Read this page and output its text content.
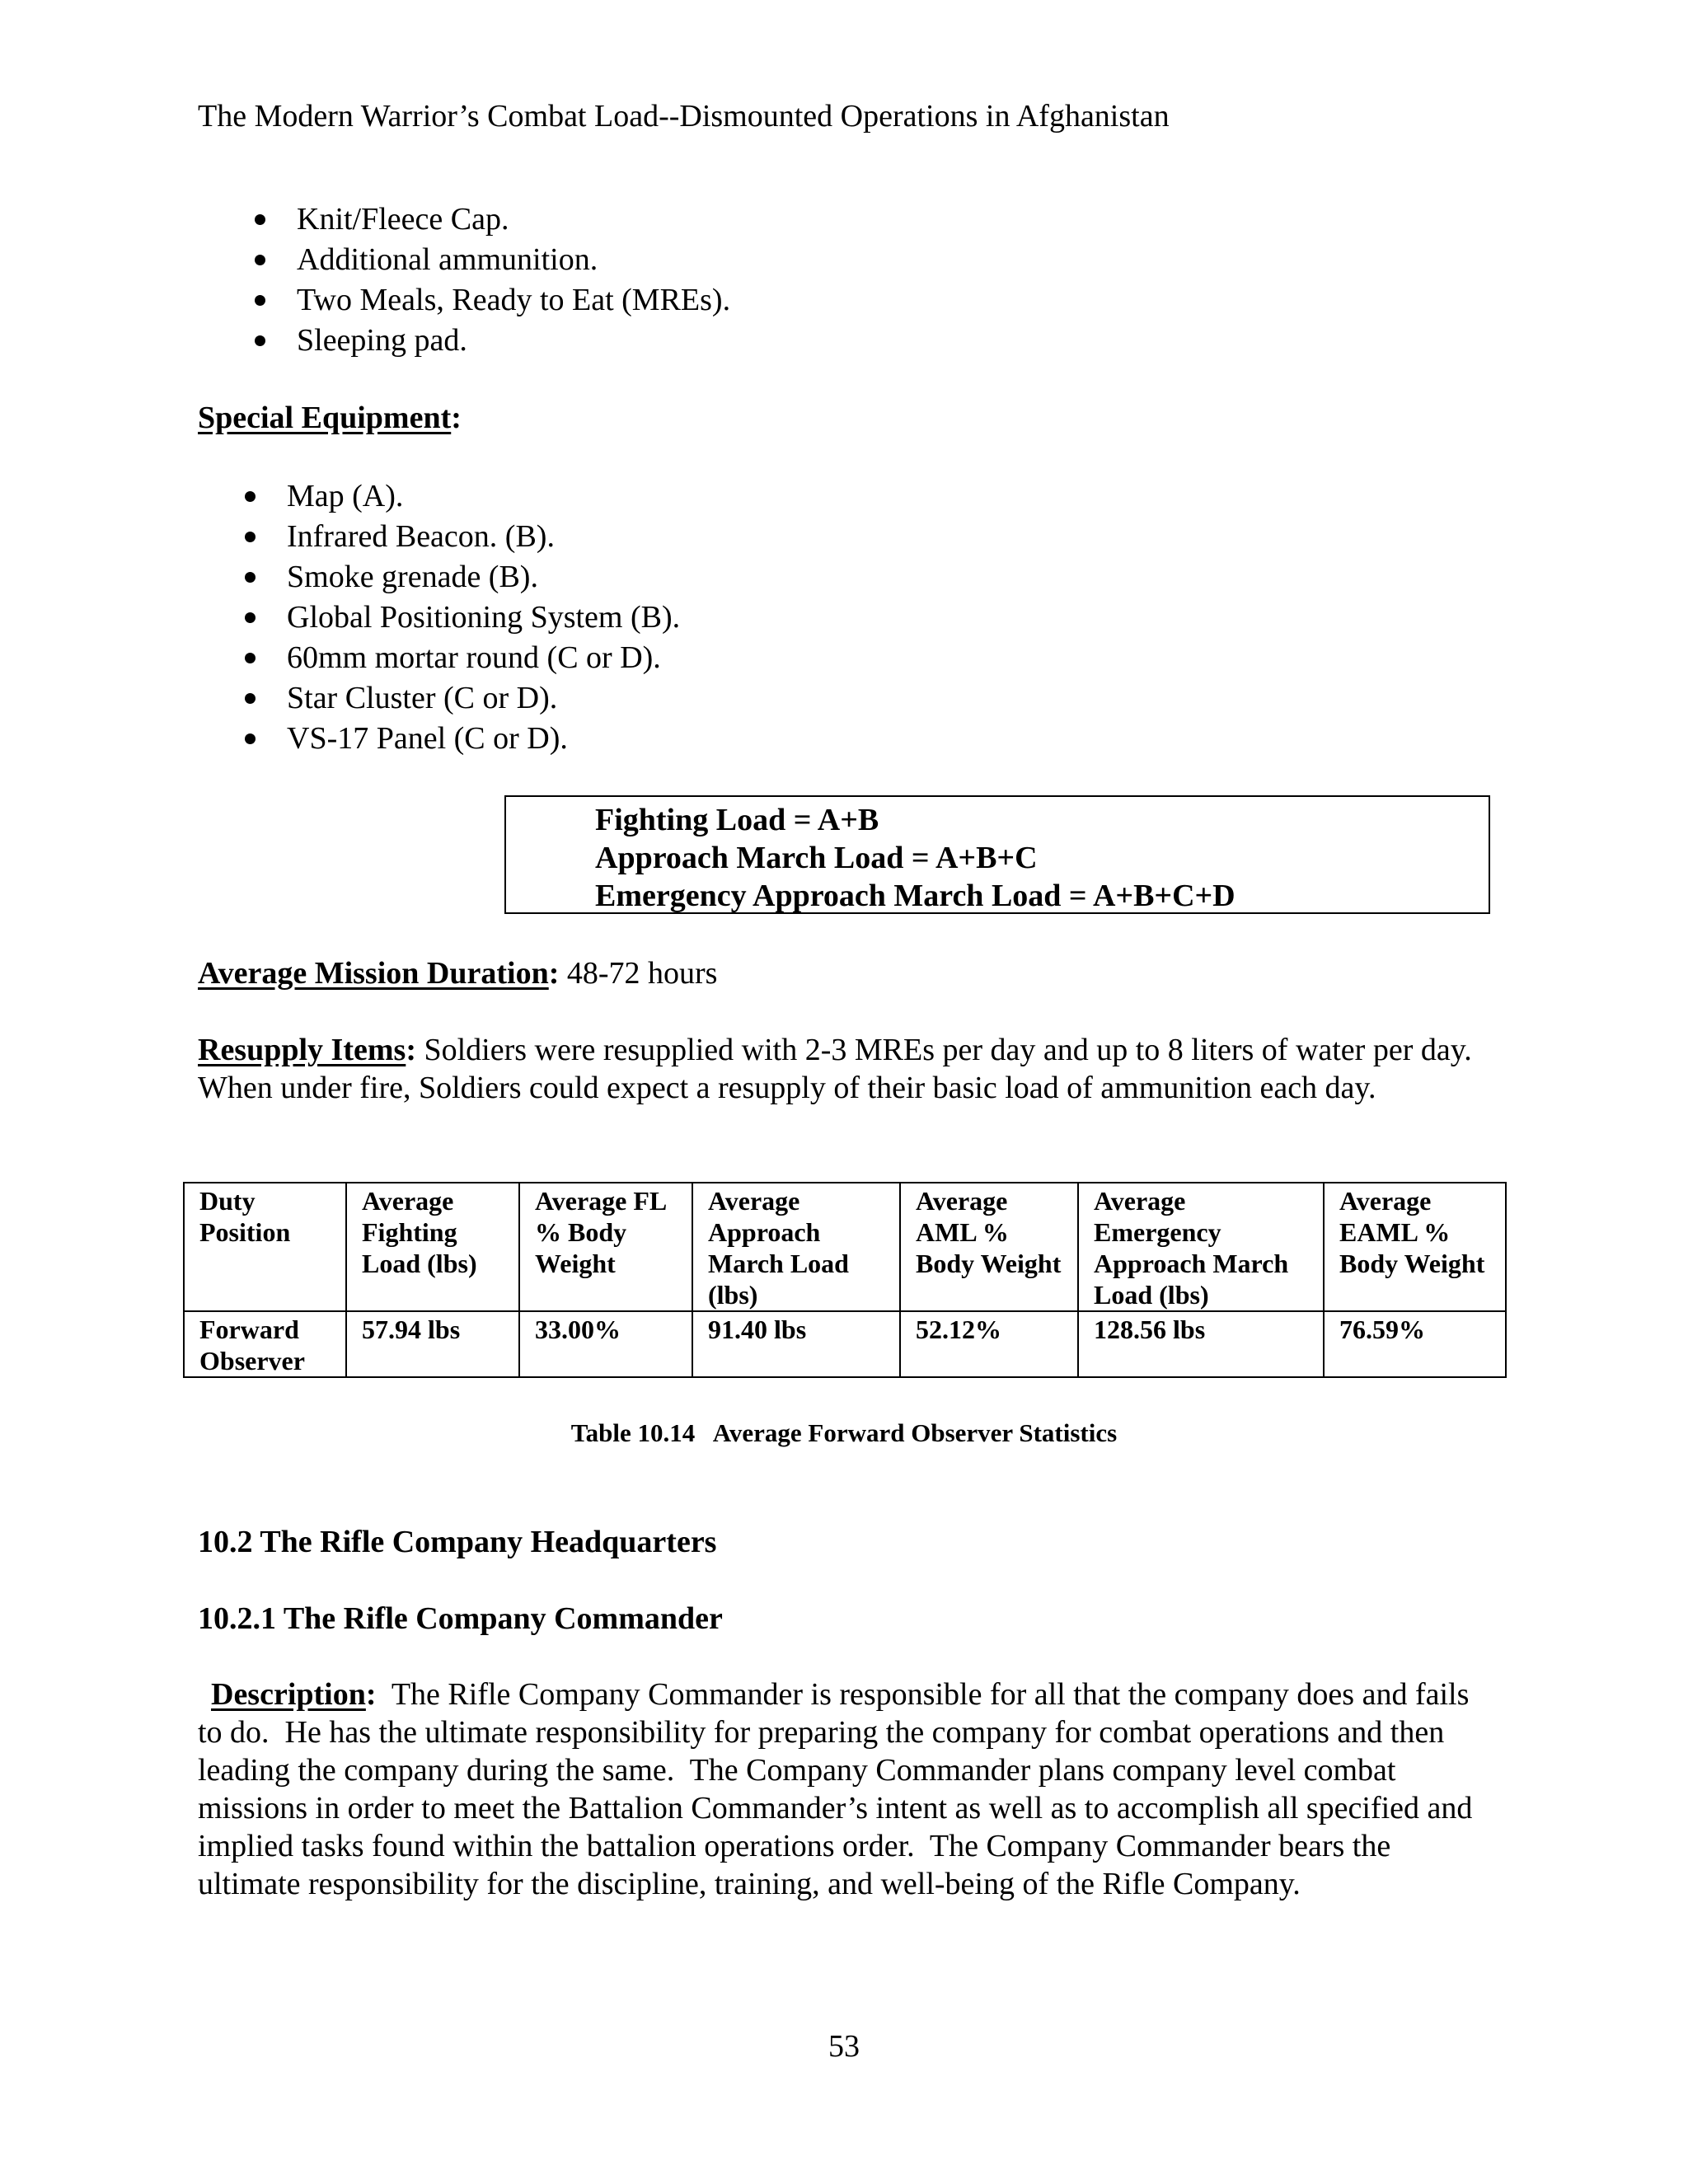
The Modern Warrior’s Combat Load--Dismounted Operations in Afghanistan
Knit/Fleece Cap.
Additional ammunition.
Two Meals, Ready to Eat (MREs).
Sleeping pad.
Special Equipment:
Map (A).
Infrared Beacon. (B).
Smoke grenade (B).
Global Positioning System (B).
60mm mortar round (C or D).
Star Cluster (C or D).
VS-17 Panel (C or D).
Fighting Load = A+B
Approach March Load = A+B+C
Emergency Approach March Load = A+B+C+D
Average Mission Duration: 48-72 hours
Resupply Items: Soldiers were resupplied with 2-3 MREs per day and up to 8 liters of water per day. When under fire, Soldiers could expect a resupply of their basic load of ammunition each day.
Duty Position	Average Fighting Load (lbs)	Average FL % Body Weight	Average Approach March Load (lbs)	Average AML % Body Weight	Average Emergency Approach March Load (lbs)	Average EAML % Body Weight
Forward Observer	57.94 lbs	33.00%	91.40 lbs	52.12%	128.56 lbs	76.59%
Table 10.14   Average Forward Observer Statistics
10.2 The Rifle Company Headquarters
10.2.1 The Rifle Company Commander
Description:  The Rifle Company Commander is responsible for all that the company does and fails to do.  He has the ultimate responsibility for preparing the company for combat operations and then leading the company during the same.  The Company Commander plans company level combat missions in order to meet the Battalion Commander’s intent as well as to accomplish all specified and implied tasks found within the battalion operations order.  The Company Commander bears the ultimate responsibility for the discipline, training, and well-being of the Rifle Company.
53
